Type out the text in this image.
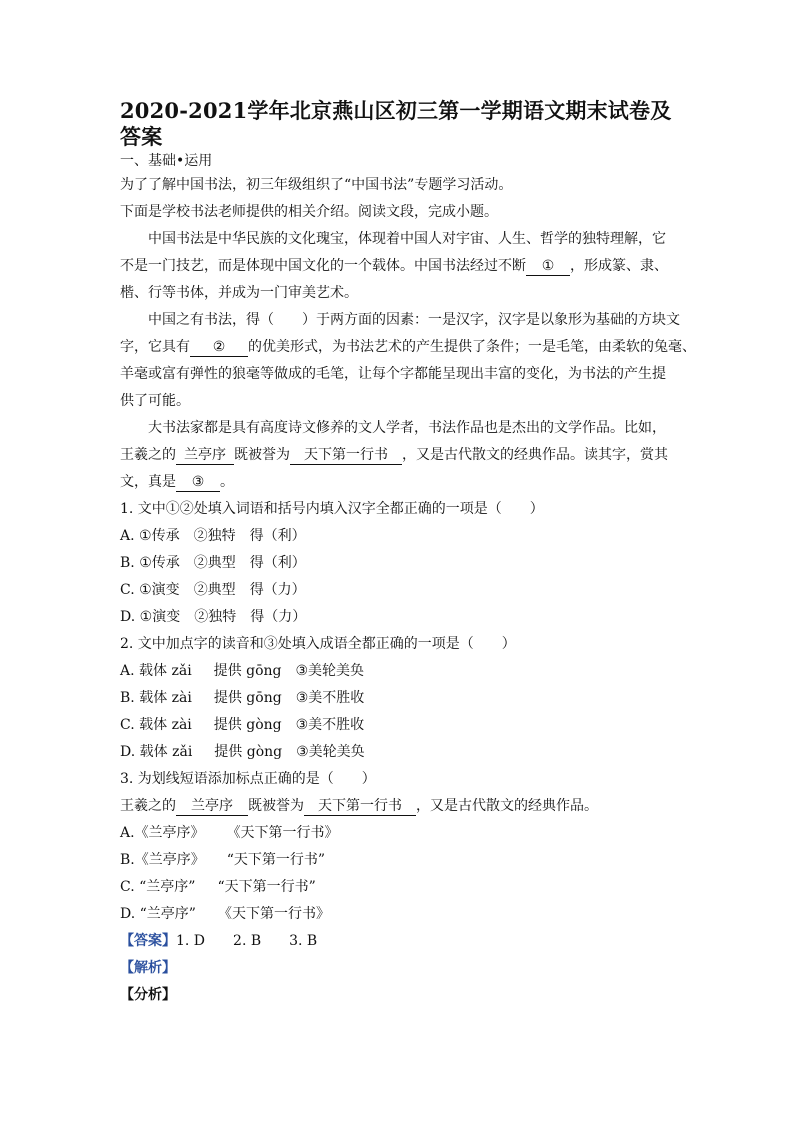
2020-2021学年北京燕山区初三第一学期语文期末试卷及答案
一、基础•运用
为了了解中国书法，初三年级组织了“中国书法”专题学习活动。
下面是学校书法老师提供的相关介绍。阅读文段，完成小题。
中国书法是中华民族的文化瑰宝，体现着中国人对宇宙、人生、哲学的独特理解，它
不是一门技艺，而是体现中国文化的一个载体。中国书法经过不断 ① ，形成篆、隶、
楷、行等书体，并成为一门审美艺术。
中国之有书法，得（　　）于两方面的因素：一是汉字，汉字是以象形为基础的方块文
字，它具有 ② 的优美形式，为书法艺术的产生提供了条件；一是毛笔，由柔软的兔毫、
羊毫或富有弹性的狼毫等做成的毛笔，让每个字都能呈现出丰富的变化，为书法的产生提
供了可能。
大书法家都是具有高度诗文修养的文人学者，书法作品也是杰出的文学作品。比如，
王羲之的 兰亭序 既被誉为 天下第一行书 ，又是古代散文的经典作品。读其字，赏其
文，真是 ③ 。
1. 文中①②处填入词语和括号内填入汉字全都正确的一项是（　　）
A. ①传承 ②独特 得（利）
B. ①传承 ②典型 得（利）
C. ①演变 ②典型 得（力）
D. ①演变 ②独特 得（力）
2. 文中加点字的读音和③处填入成语全都正确的一项是（　　）
A. 载体 zǎi 提供 gōng ③美轮美奂
B. 载体 zài 提供 gōng ③美不胜收
C. 载体 zài 提供 gòng ③美不胜收
D. 载体 zǎi 提供 gòng ③美轮美奂
3. 为划线短语添加标点正确的是（　　）
王羲之的 兰亭序 既被誉为 天下第一行书 ，又是古代散文的经典作品。
A.《兰亭序》 《天下第一行书》
B.《兰亭序》 “天下第一行书”
C. “兰亭序” “天下第一行书”
D. “兰亭序” 《天下第一行书》
【答案】1. D　　2. B　　3. B
【解析】
【分析】
